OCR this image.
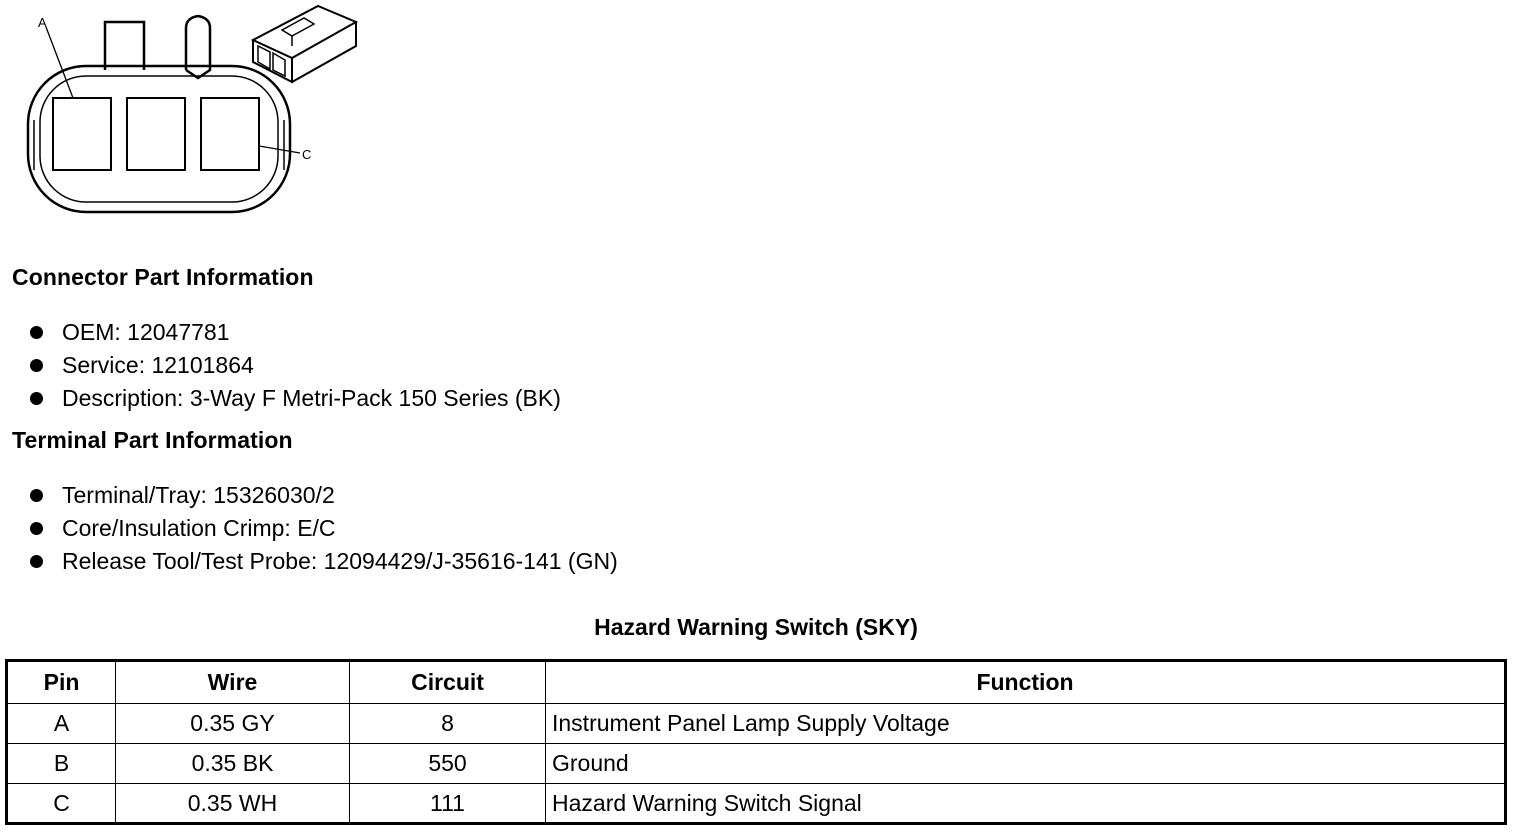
A
C
Connector Part Information
OEM: 12047781
Service: 12101864
Description: 3-Way F Metri-Pack 150 Series (BK)
Terminal Part Information
Terminal/Tray: 15326030/2
Core/Insulation Crimp: E/C
Release Tool/Test Probe: 12094429/J-35616-141 (GN)
Hazard Warning Switch (SKY)
Pin	Wire	Circuit	Function
A	0.35 GY	8	Instrument Panel Lamp Supply Voltage
B	0.35 BK	550	Ground
C	0.35 WH	111	Hazard Warning Switch Signal
